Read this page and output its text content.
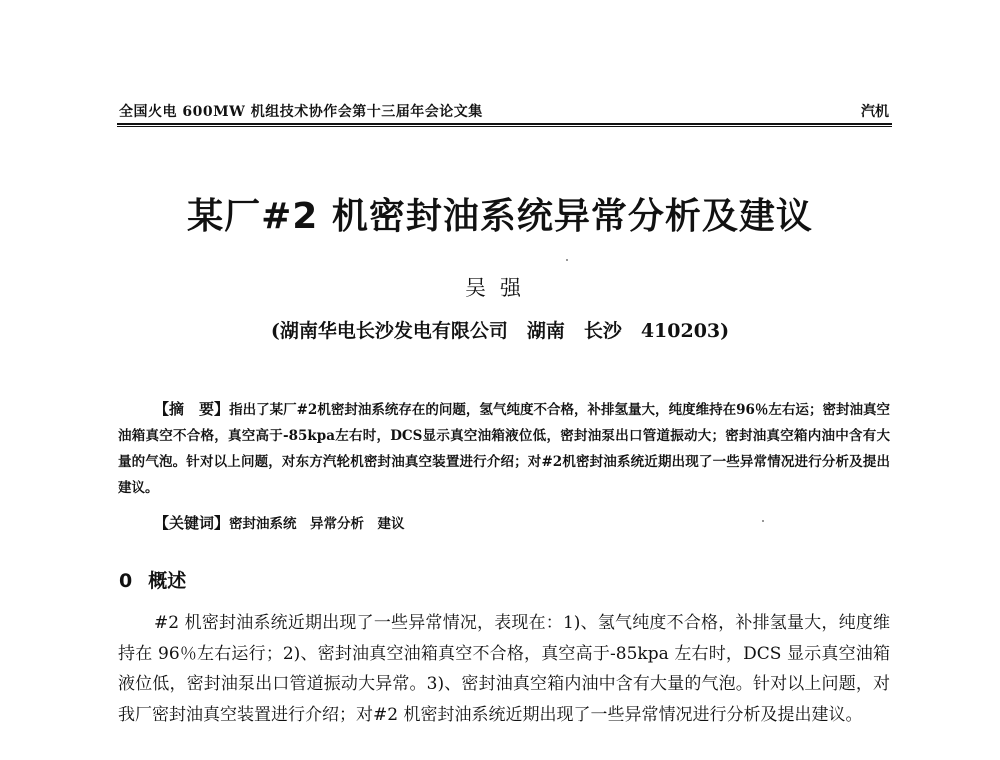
全国火电 600MW 机组技术协作会第十三届年会论文集	汽机
某厂#2 机密封油系统异常分析及建议
吴强
(湖南华电长沙发电有限公司　湖南　长沙　410203)
【摘　要】指出了某厂#2机密封油系统存在的问题，氢气纯度不合格，补排氢量大，纯度维持在96％左右运；密封油真空油箱真空不合格，真空高于-85kpa左右时，DCS显示真空油箱液位低，密封油泵出口管道振动大；密封油真空箱内油中含有大量的气泡。针对以上问题，对东方汽轮机密封油真空装置进行介绍；对#2机密封油系统近期出现了一些异常情况进行分析及提出建议。
【关键词】密封油系统　异常分析　建议
0 概述
#2 机密封油系统近期出现了一些异常情况，表现在：1)、氢气纯度不合格，补排氢量大，纯度维持在 96％左右运行；2)、密封油真空油箱真空不合格，真空高于-85kpa 左右时，DCS 显示真空油箱液位低，密封油泵出口管道振动大异常。3)、密封油真空箱内油中含有大量的气泡。针对以上问题，对我厂密封油真空装置进行介绍；对#2 机密封油系统近期出现了一些异常情况进行分析及提出建议。
